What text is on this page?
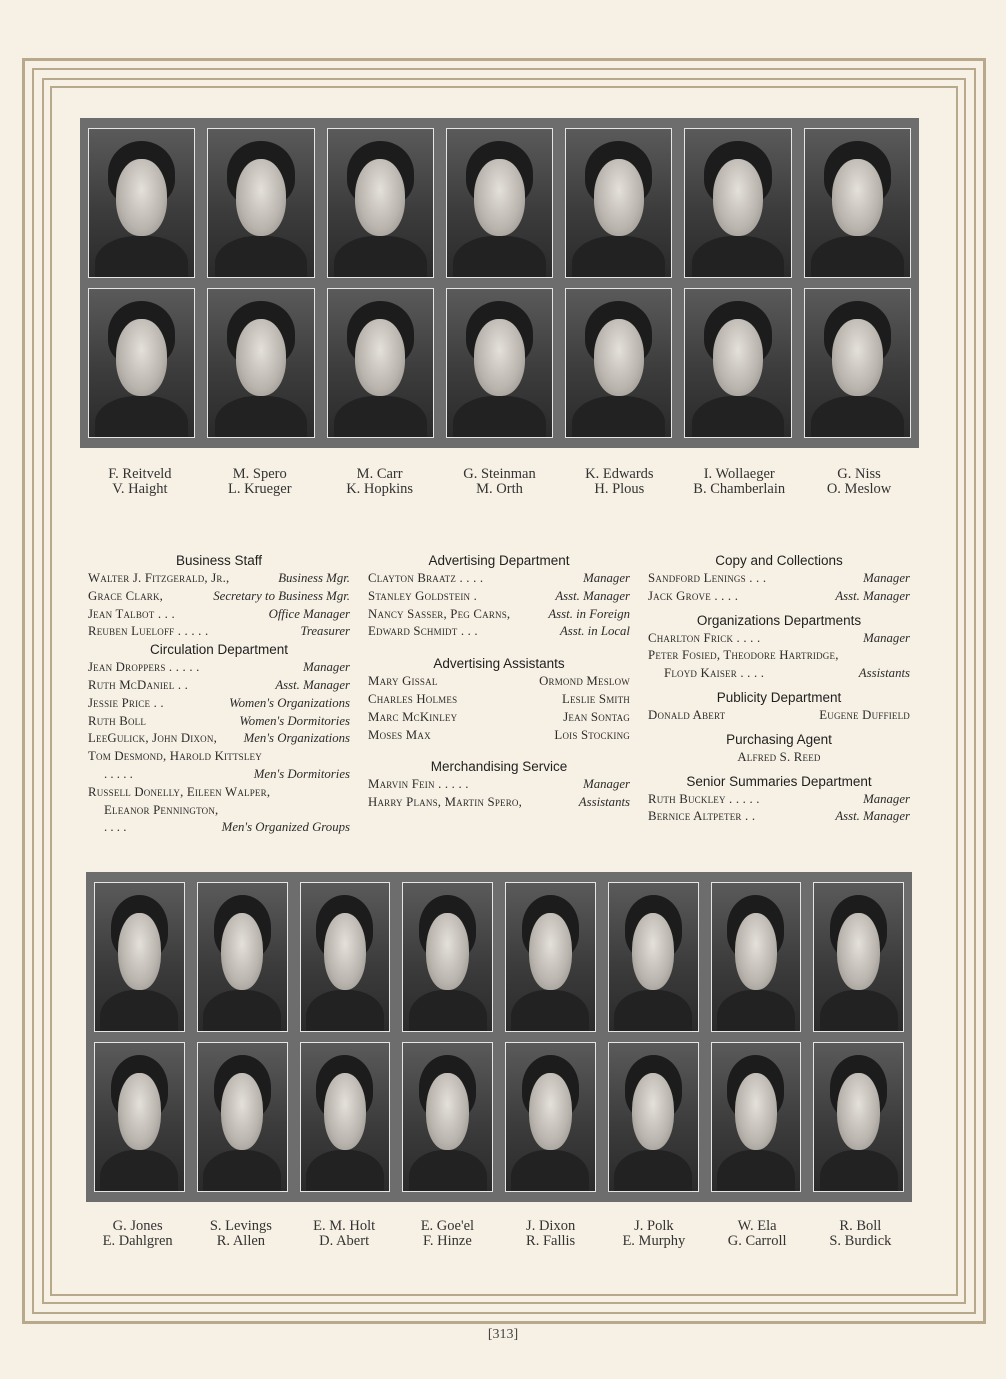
F. Reitveld
V. Haight
M. Spero
L. Krueger
M. Carr
K. Hopkins
G. Steinman
M. Orth
K. Edwards
H. Plous
I. Wollaeger
B. Chamberlain
G. Niss
O. Meslow

Business Staff

Walter J. Fitzgerald, Jr.,	Business Mgr.
Grace Clark,	Secretary to Business Mgr.
Jean Talbot . . .	Office Manager
Reuben Lueloff . . . . .	Treasurer

Circulation Department

Jean Droppers . . . . .	Manager
Ruth McDaniel . .	Asst. Manager
Jessie Price . .	Women's Organizations
Ruth Boll	Women's Dormitories
LeeGulick, John Dixon, Men's Organizations
Tom Desmond, Harold Kittsley
. . . . .	Men's Dormitories
Russell Donelly, Eileen Walper,
Eleanor Pennington,
. . . .	Men's Organized Groups

Advertising Department

Clayton Braatz . . . .	Manager
Stanley Goldstein .	Asst. Manager
Nancy Sasser, Peg Carns,	Asst. in Foreign
Edward Schmidt . . .	Asst. in Local

Advertising Assistants

Mary Gissal	Ormond Meslow
Charles Holmes	Leslie Smith
Marc McKinley	Jean Sontag
Moses Max	Lois Stocking

Merchandising Service

Marvin Fein . . . . .	Manager
Harry Plans, Martin Spero,	Assistants

Copy and Collections

Sandford Lenings . . .	Manager
Jack Grove . . . .	Asst. Manager

Organizations Departments

Charlton Frick . . . .	Manager
Peter Fosied, Theodore Hartridge,
Floyd Kaiser . . . .	Assistants

Publicity Department

Donald Abert	Eugene Duffield

Purchasing Agent

Alfred S. Reed

Senior Summaries Department

Ruth Buckley . . . . .	Manager
Bernice Altpeter . .	Asst. Manager
G. Jones
E. Dahlgren
S. Levings
R. Allen
E. M. Holt
D. Abert
E. Goe'el
F. Hinze
J. Dixon
R. Fallis
J. Polk
E. Murphy
W. Ela
G. Carroll
R. Boll
S. Burdick
[313]
